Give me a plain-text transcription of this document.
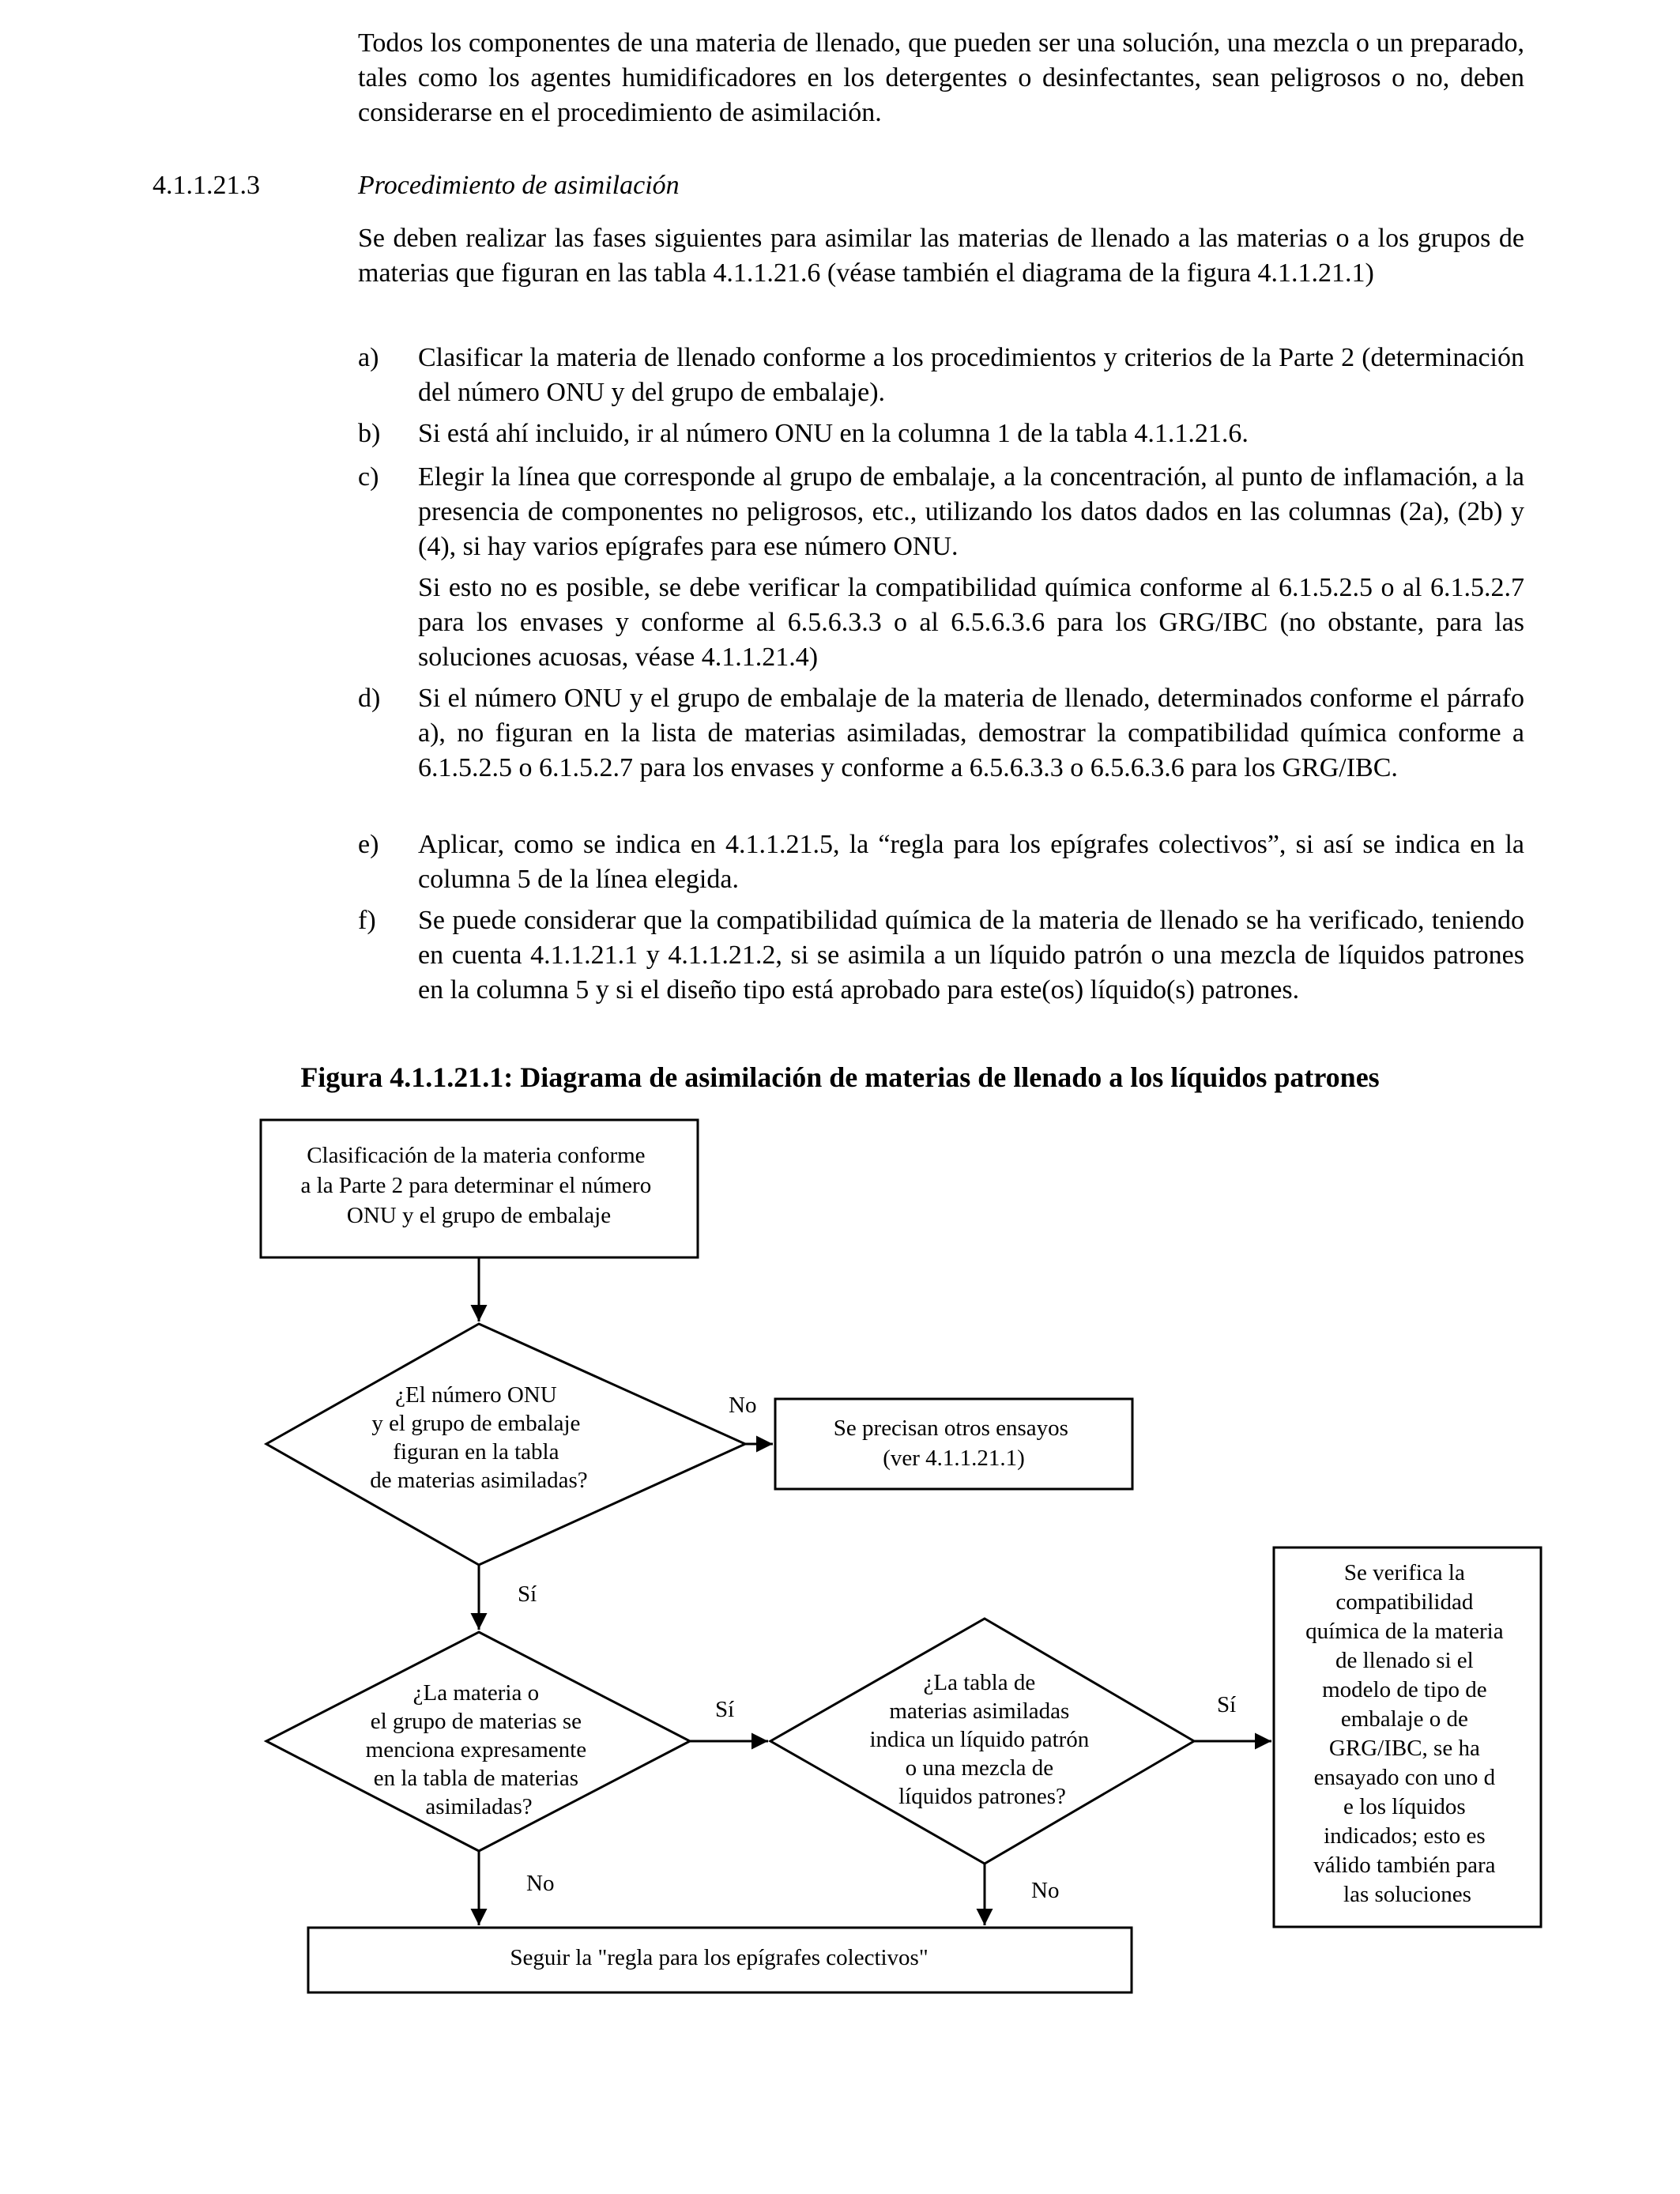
Todos los componentes de una materia de llenado, que pueden ser una solución, una mezcla o un preparado, tales como los agentes humidificadores en los detergentes o desinfectantes, sean peligrosos o no, deben considerarse en el procedimiento de asimilación.

4.1.1.21.3	Procedimiento de asimilación

Se deben realizar las fases siguientes para asimilar las materias de llenado a las materias o a los grupos de materias que figuran en las tabla 4.1.1.21.6 (véase también el diagrama de la figura 4.1.1.21.1)

a) Clasificar la materia de llenado conforme a los procedimientos y criterios de la Parte 2 (determinación del número ONU y del grupo de embalaje).
b) Si está ahí incluido, ir al número ONU en la columna 1 de la tabla 4.1.1.21.6.
c) Elegir la línea que corresponde al grupo de embalaje, a la concentración, al punto de inflamación, a la presencia de componentes no peligrosos, etc., utilizando los datos dados en las columnas (2a), (2b) y (4), si hay varios epígrafes para ese número ONU.
Si esto no es posible, se debe verificar la compatibilidad química conforme al 6.1.5.2.5 o al 6.1.5.2.7 para los envases y conforme al 6.5.6.3.3 o al 6.5.6.3.6 para los GRG/IBC (no obstante, para las soluciones acuosas, véase 4.1.1.21.4)
d) Si el número ONU y el grupo de embalaje de la materia de llenado, determinados conforme el párrafo a), no figuran en la lista de materias asimiladas, demostrar la compatibilidad química conforme a 6.1.5.2.5 o 6.1.5.2.7 para los envases y conforme a 6.5.6.3.3 o 6.5.6.3.6 para los GRG/IBC.
e) Aplicar, como se indica en 4.1.1.21.5, la “regla para los epígrafes colectivos”, si así se indica en la columna 5 de la línea elegida.
f) Se puede considerar que la compatibilidad química de la materia de llenado se ha verificado, teniendo en cuenta 4.1.1.21.1 y 4.1.1.21.2, si se asimila a un líquido patrón o una mezcla de líquidos patrones en la columna 5 y si el diseño tipo está aprobado para este(os) líquido(s) patrones.
Figura 4.1.1.21.1: Diagrama de asimilación de materias de llenado a los líquidos patrones
Clasificación de la materia conforme a la Parte 2 para determinar el número ONU y el grupo de embalaje
¿El número ONU y el grupo de embalaje figuran en la tabla de materias asimiladas?
No
Se precisan otros ensayos (ver 4.1.1.21.1)
Sí
¿La materia o el grupo de materias se menciona expresamente en la tabla de materias asimiladas?
Sí
¿La tabla de materias asimiladas indica un líquido patrón o una mezcla de líquidos patrones?
Sí
Se verifica la compatibilidad química de la materia de llenado si el modelo de tipo de embalaje o de GRG/IBC, se ha ensayado con uno d e los líquidos indicados; esto es válido también para las soluciones
No	No
Seguir la "regla para los epígrafes colectivos"
